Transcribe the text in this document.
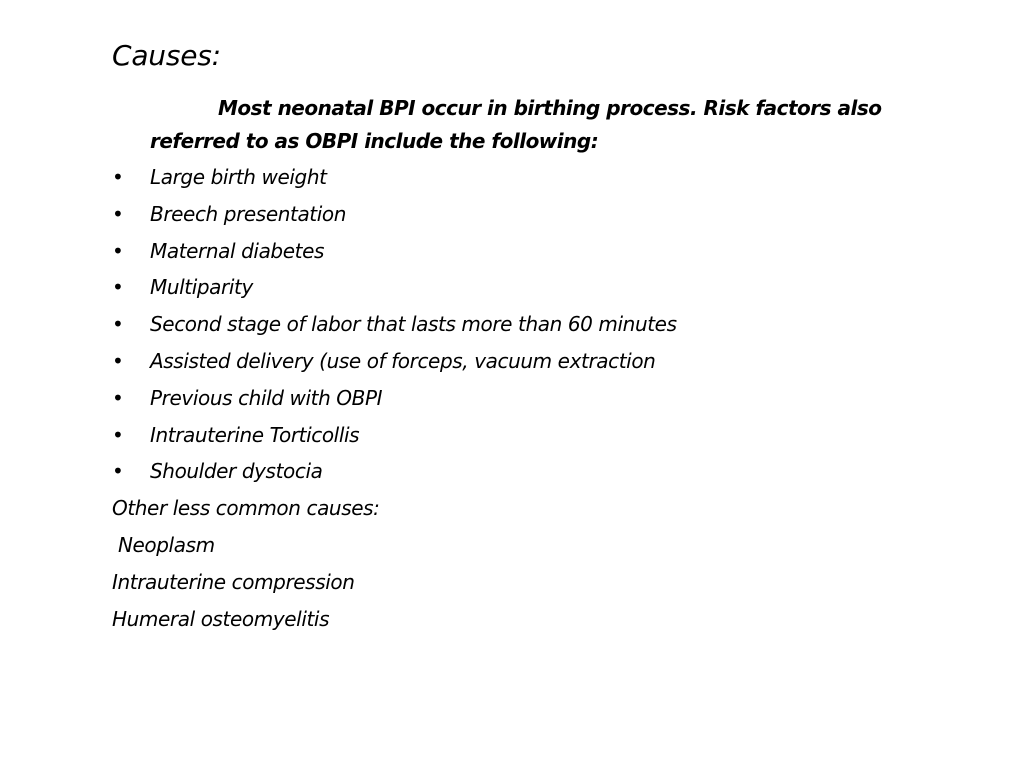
Causes:
Most neonatal BPI occur in birthing process. Risk factors also referred to as OBPI include the following:
• Large birth weight
• Breech presentation
• Maternal diabetes
• Multiparity
• Second stage of labor that lasts more than 60 minutes
• Assisted delivery (use of forceps, vacuum extraction
• Previous child with OBPI
• Intrauterine Torticollis
• Shoulder dystocia
Other less common causes:
Neoplasm
Intrauterine compression
Humeral osteomyelitis
